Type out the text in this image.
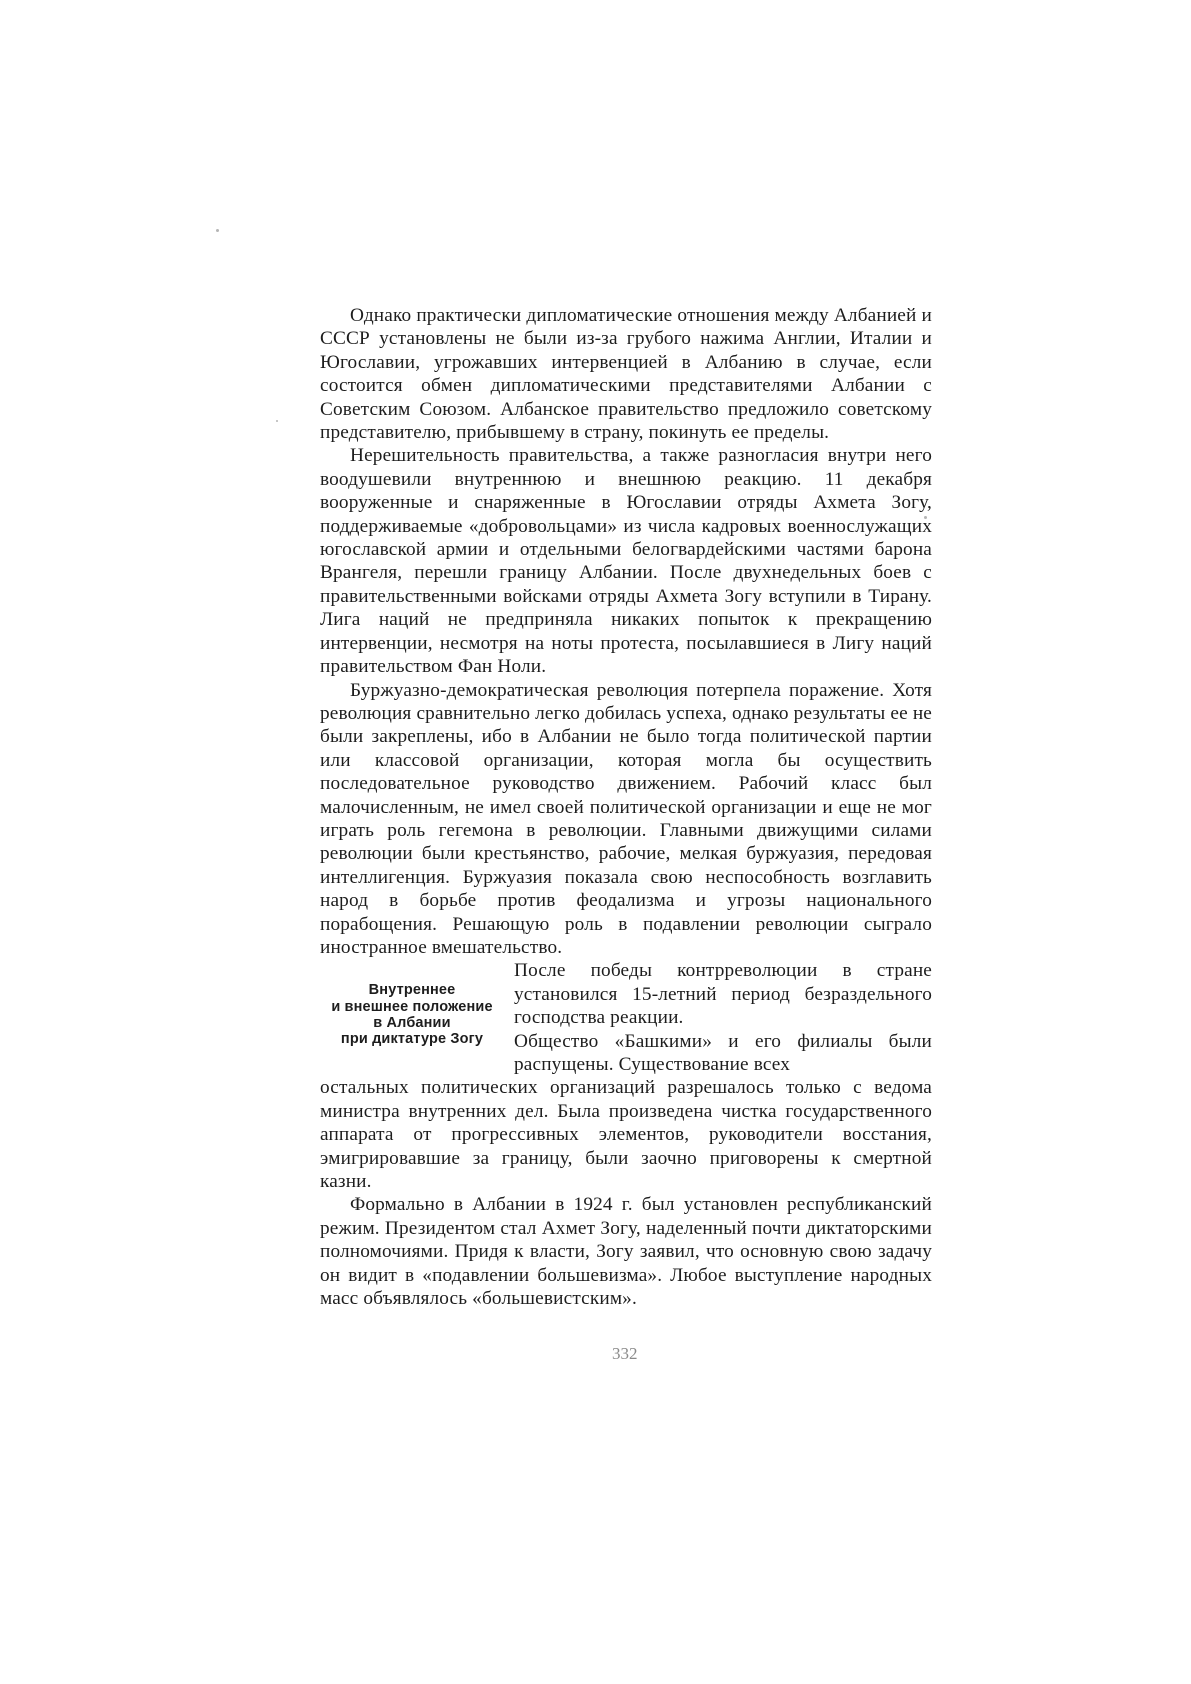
Однако практически дипломатические отношения между Албанией и СССР установлены не были из-за грубого нажима Англии, Италии и Югославии, угрожавших интервенцией в Албанию в случае, если состоится обмен дипломатическими представителями Албании с Советским Союзом. Албанское правительство предложило советскому представителю, прибывшему в страну, покинуть ее пределы.

Нерешительность правительства, а также разногласия внутри него воодушевили внутреннюю и внешнюю реакцию. 11 декабря вооруженные и снаряженные в Югославии отряды Ахмета Зогу, поддерживаемые «добровольцами» из числа кадровых военнослужащих югославской армии и отдельными белогвардейскими частями барона Врангеля, перешли границу Албании. После двухнедельных боев с правительственными войсками отряды Ахмета Зогу вступили в Тирану. Лига наций не предприняла никаких попыток к прекращению интервенции, несмотря на ноты протеста, посылавшиеся в Лигу наций правительством Фан Ноли.

Буржуазно-демократическая революция потерпела поражение. Хотя революция сравнительно легко добилась успеха, однако результаты ее не были закреплены, ибо в Албании не было тогда политической партии или классовой организации, которая могла бы осуществить последовательное руководство движением. Рабочий класс был малочисленным, не имел своей политической организации и еще не мог играть роль гегемона в революции. Главными движущими силами революции были крестьянство, рабочие, мелкая буржуазия, передовая интеллигенция. Буржуазия показала свою неспособность возглавить народ в борьбе против феодализма и угрозы национального порабощения. Решающую роль в подавлении революции сыграло иностранное вмешательство.

Внутреннее
и внешнее положение
в Албании
при диктатуре Зогу

После победы контрреволюции в стране установился 15-летний период безраздельного господства реакции.

Общество «Башкими» и его филиалы были распущены. Существование всех

остальных политических организаций разрешалось только с ведома министра внутренних дел. Была произведена чистка государственного аппарата от прогрессивных элементов, руководители восстания, эмигрировавшие за границу, были заочно приговорены к смертной казни.

Формально в Албании в 1924 г. был установлен республиканский режим. Президентом стал Ахмет Зогу, наделенный почти диктаторскими полномочиями. Придя к власти, Зогу заявил, что основную свою задачу он видит в «подавлении большевизма». Любое выступление народных масс объявлялось «большевистским».

332
